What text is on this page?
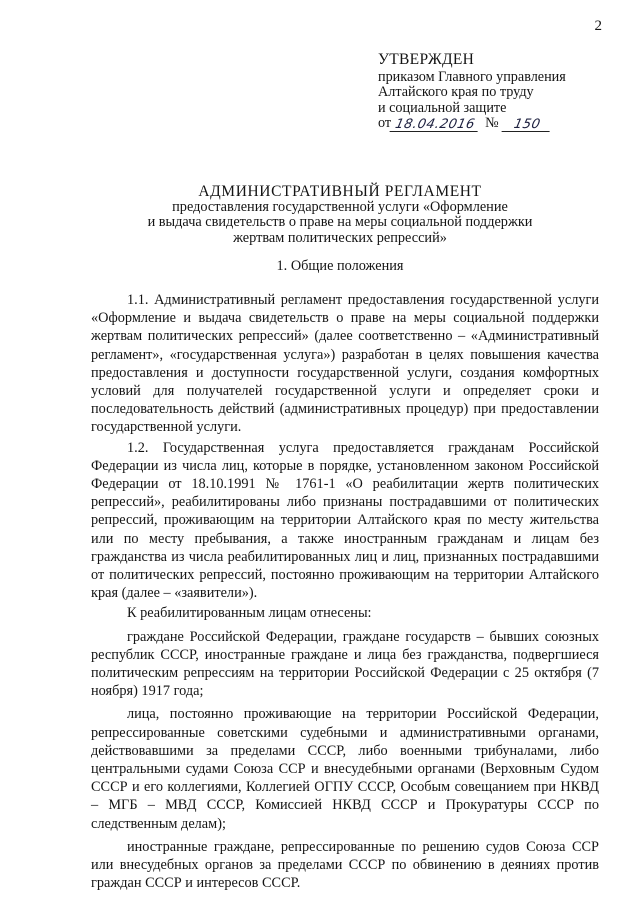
2
УТВЕРЖДЕН
приказом Главного управления
Алтайского края по труду
и социальной защите
от 18.04.2016 №	150
АДМИНИСТРАТИВНЫЙ РЕГЛАМЕНТ
предоставления государственной услуги «Оформление
и выдача свидетельств о праве на меры социальной поддержки
жертвам политических репрессий»
1. Общие положения

1.1. Административный регламент предоставления государственной услуги «Оформление и выдача свидетельств о праве на меры социальной поддержки жертвам политических репрессий» (далее соответственно – «Административный регламент», «государственная услуга») разработан в целях повышения качества предоставления и доступности государственной услуги, создания комфортных условий для получателей государственной услуги и определяет сроки и последовательность действий (административных процедур) при предоставлении государственной услуги.

1.2. Государственная услуга предоставляется гражданам Российской Федерации из числа лиц, которые в порядке, установленном законом Российской Федерации от 18.10.1991 № 1761-1 «О реабилитации жертв политических репрессий», реабилитированы либо признаны пострадавшими от политических репрессий, проживающим на территории Алтайского края по месту жительства или по месту пребывания, а также иностранным гражданам и лицам без гражданства из числа реабилитированных лиц и лиц, признанных пострадавшими от политических репрессий, постоянно проживающим на территории Алтайского края (далее – «заявители»).

К реабилитированным лицам отнесены:

граждане Российской Федерации, граждане государств – бывших союзных республик СССР, иностранные граждане и лица без гражданства, подвергшиеся политическим репрессиям на территории Российской Федерации с 25 октября (7 ноября) 1917 года;

лица, постоянно проживающие на территории Российской Федерации, репрессированные советскими судебными и административными органами, действовавшими за пределами СССР, либо военными трибуналами, либо центральными судами Союза ССР и внесудебными органами (Верховным Судом СССР и его коллегиями, Коллегией ОГПУ СССР, Особым совещанием при НКВД – МГБ – МВД СССР, Комиссией НКВД СССР и Прокуратуры СССР по следственным делам);

иностранные граждане, репрессированные по решению судов Союза ССР или внесудебных органов за пределами СССР по обвинению в деяниях против граждан СССР и интересов СССР.
